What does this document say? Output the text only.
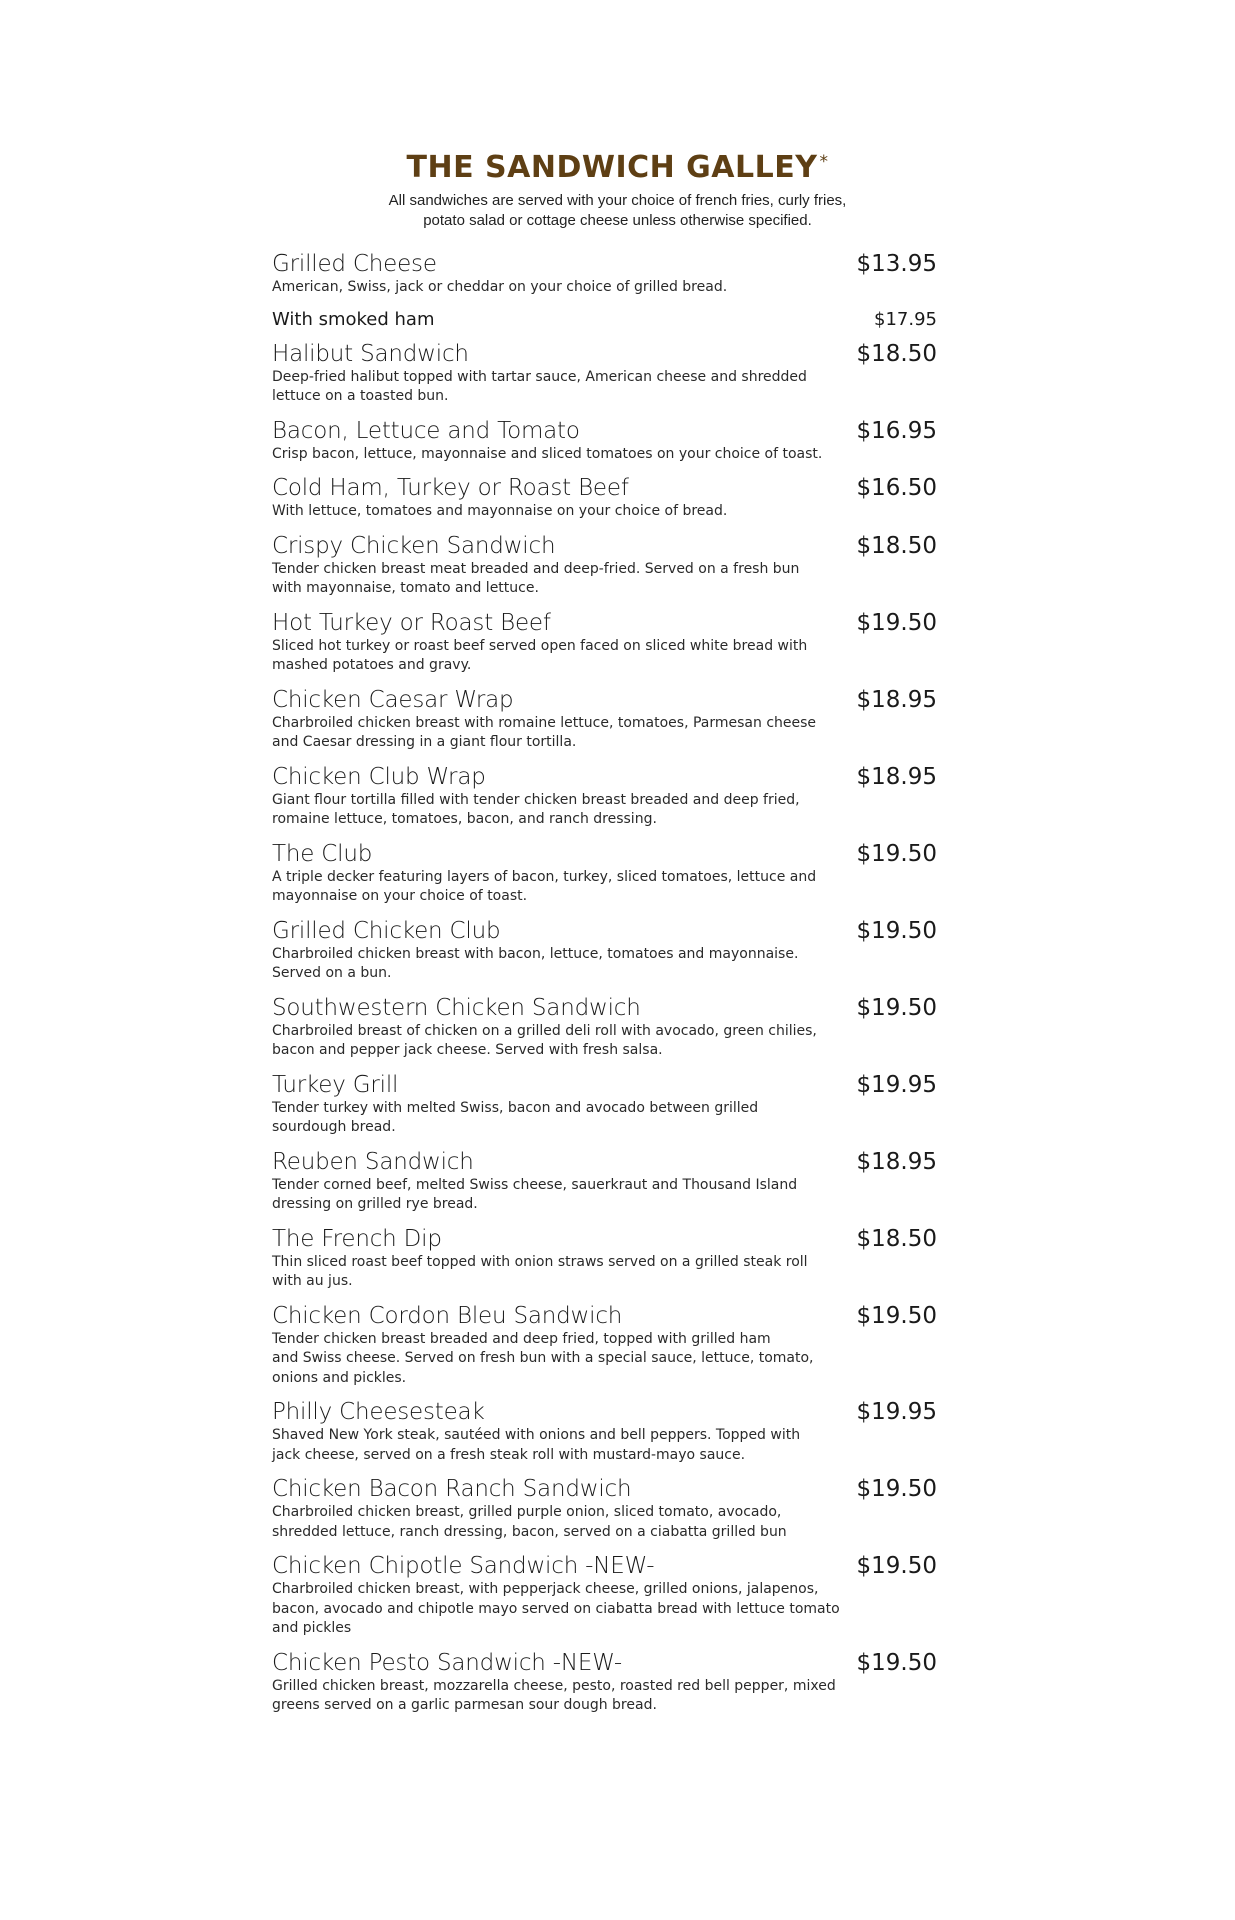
THE SANDWICH GALLEY *
All sandwiches are served with your choice of french fries, curly fries,
potato salad or cottage cheese unless otherwise specified.
Grilled Cheese	$13.95
American, Swiss, jack or cheddar on your choice of grilled bread.
With smoked ham	$17.95
Halibut Sandwich	$18.50
Deep-fried halibut topped with tartar sauce, American cheese and shredded
lettuce on a toasted bun.
Bacon, Lettuce and Tomato	$16.95
Crisp bacon, lettuce, mayonnaise and sliced tomatoes on your choice of toast.
Cold Ham, Turkey or Roast Beef	$16.50
With lettuce, tomatoes and mayonnaise on your choice of bread.
Crispy Chicken Sandwich	$18.50
Tender chicken breast meat breaded and deep-fried. Served on a fresh bun
with mayonnaise, tomato and lettuce.
Hot Turkey or Roast Beef	$19.50
Sliced hot turkey or roast beef served open faced on sliced white bread with
mashed potatoes and gravy.
Chicken Caesar Wrap	$18.95
Charbroiled chicken breast with romaine lettuce, tomatoes, Parmesan cheese
and Caesar dressing in a giant flour tortilla.
Chicken Club Wrap	$18.95
Giant flour tortilla filled with tender chicken breast breaded and deep fried,
romaine lettuce, tomatoes, bacon, and ranch dressing.
The Club	$19.50
A triple decker featuring layers of bacon, turkey, sliced tomatoes, lettuce and
mayonnaise on your choice of toast.
Grilled Chicken Club	$19.50
Charbroiled chicken breast with bacon, lettuce, tomatoes and mayonnaise.
Served on a bun.
Southwestern Chicken Sandwich	$19.50
Charbroiled breast of chicken on a grilled deli roll with avocado, green chilies,
bacon and pepper jack cheese. Served with fresh salsa.
Turkey Grill	$19.95
Tender turkey with melted Swiss, bacon and avocado between grilled
sourdough bread.
Reuben Sandwich	$18.95
Tender corned beef, melted Swiss cheese, sauerkraut and Thousand Island
dressing on grilled rye bread.
The French Dip	$18.50
Thin sliced roast beef topped with onion straws served on a grilled steak roll
with au jus.
Chicken Cordon Bleu Sandwich	$19.50
Tender chicken breast breaded and deep fried, topped with grilled ham
and Swiss cheese. Served on fresh bun with a special sauce, lettuce, tomato,
onions and pickles.
Philly Cheesesteak	$19.95
Shaved New York steak, sautéed with onions and bell peppers. Topped with
jack cheese, served on a fresh steak roll with mustard-mayo sauce.
Chicken Bacon Ranch Sandwich	$19.50
Charbroiled chicken breast, grilled purple onion, sliced tomato, avocado,
shredded lettuce, ranch dressing, bacon, served on a ciabatta grilled bun
Chicken Chipotle Sandwich -NEW-	$19.50
Charbroiled chicken breast, with pepperjack cheese, grilled onions, jalapenos,
bacon, avocado and chipotle mayo served on ciabatta bread with lettuce tomato
and pickles
Chicken Pesto Sandwich -NEW-	$19.50
Grilled chicken breast, mozzarella cheese, pesto, roasted red bell pepper, mixed
greens served on a garlic parmesan sour dough bread.
